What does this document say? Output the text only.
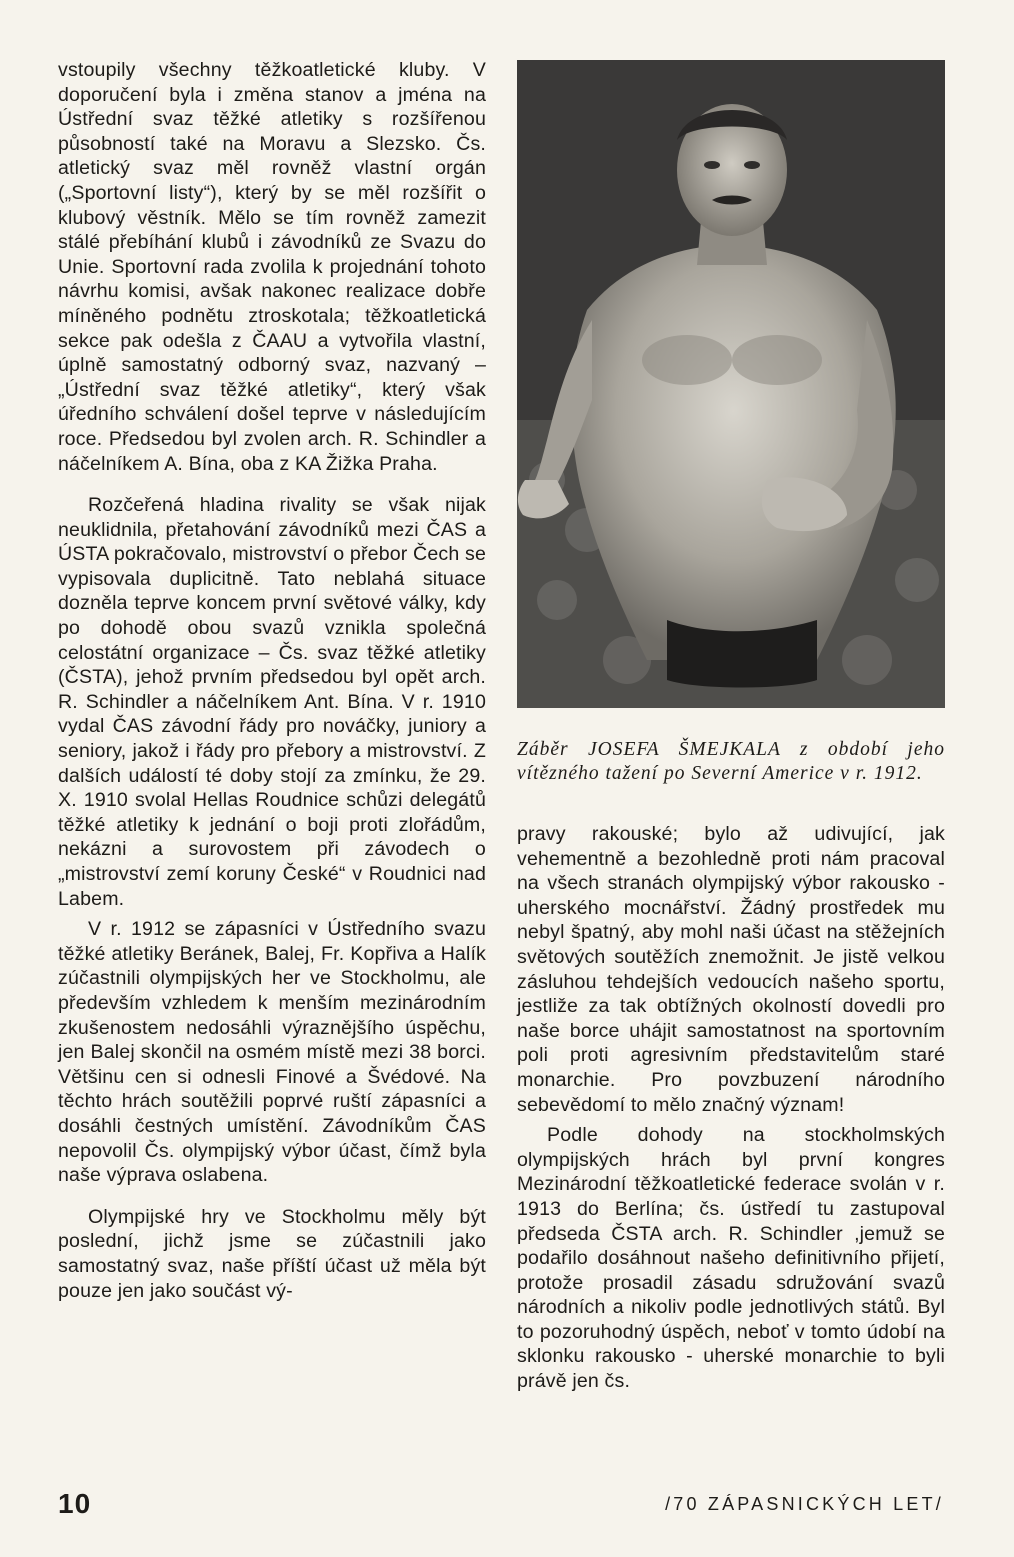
vstoupily všechny těžkoatletické kluby. V doporučení byla i změna stanov a jména na Ústřední svaz těžké atletiky s rozšířenou působností také na Moravu a Slezsko. Čs. atletický svaz měl rovněž vlastní orgán („Sportovní listy“), který by se měl rozšířit o klubový věstník. Mělo se tím rovněž zamezit stálé přebíhání klubů i závodníků ze Svazu do Unie. Sportovní rada zvolila k projednání tohoto návrhu komisi, avšak nakonec realizace dobře míněného podnětu ztroskotala; těžkoatletická sekce pak odešla z ČAAU a vytvořila vlastní, úplně samostatný odborný svaz, nazvaný – „Ústřední svaz těžké atletiky“, který však úředního schválení došel teprve v následujícím roce. Předsedou byl zvolen arch. R. Schindler a náčelníkem A. Bína, oba z KA Žižka Praha.

Rozčeřená hladina rivality se však nijak neuklidnila, přetahování závodníků mezi ČAS a ÚSTA pokračovalo, mistrovství o přebor Čech se vypisovala duplicitně. Tato neblahá situace dozněla teprve koncem první světové války, kdy po dohodě obou svazů vznikla společná celostátní organizace – Čs. svaz těžké atletiky (ČSTA), jehož prvním předsedou byl opět arch. R. Schindler a náčelníkem Ant. Bína. V r. 1910 vydal ČAS závodní řády pro nováčky, juniory a seniory, jakož i řády pro přebory a mistrovství. Z dalších událostí té doby stojí za zmínku, že 29. X. 1910 svolal Hellas Roudnice schůzi delegátů těžké atletiky k jednání o boji proti zlořádům, nekázni a surovostem při závodech o „mistrovství zemí koruny České“ v Roudnici nad Labem.

V r. 1912 se zápasníci v Ústředního svazu těžké atletiky Beránek, Balej, Fr. Kopřiva a Halík zúčastnili olympijských her ve Stockholmu, ale především vzhledem k menším mezinárodním zkušenostem nedosáhli výraznějšího úspěchu, jen Balej skončil na osmém místě mezi 38 borci. Většinu cen si odnesli Finové a Švédové. Na těchto hrách soutěžili poprvé ruští zápasníci a dosáhli čestných umístění. Závodníkům ČAS nepovolil Čs. olympijský výbor účast, čímž byla naše výprava oslabena.

Olympijské hry ve Stockholmu měly být poslední, jichž jsme se zúčastnili jako samostatný svaz, naše příští účast už měla být pouze jen jako součást vý-

Záběr JOSEFA ŠMEJKALA z období jeho vítězného tažení po Severní Americe v r. 1912.

pravy rakouské; bylo až udivující, jak vehementně a bezohledně proti nám pracoval na všech stranách olympijský výbor rakousko - uherského mocnářství. Žádný prostředek mu nebyl špatný, aby mohl naši účast na stěžejních světových soutěžích znemožnit. Je jistě velkou zásluhou tehdejších vedoucích našeho sportu, jestliže za tak obtížných okolností dovedli pro naše borce uhájit samostatnost na sportovním poli proti agresivním představitelům staré monarchie. Pro povzbuzení národního sebevědomí to mělo značný význam!

Podle dohody na stockholmských olympijských hrách byl první kongres Mezinárodní těžkoatletické federace svolán v r. 1913 do Berlína; čs. ústředí tu zastupoval předseda ČSTA arch. R. Schindler ,jemuž se podařilo dosáhnout našeho definitivního přijetí, protože prosadil zásadu sdružování svazů národních a nikoliv podle jednotlivých států. Byl to pozoruhodný úspěch, neboť v tomto údobí na sklonku rakousko - uherské monarchie to byli právě jen čs.

10	/70 ZÁPASNICKÝCH LET/
